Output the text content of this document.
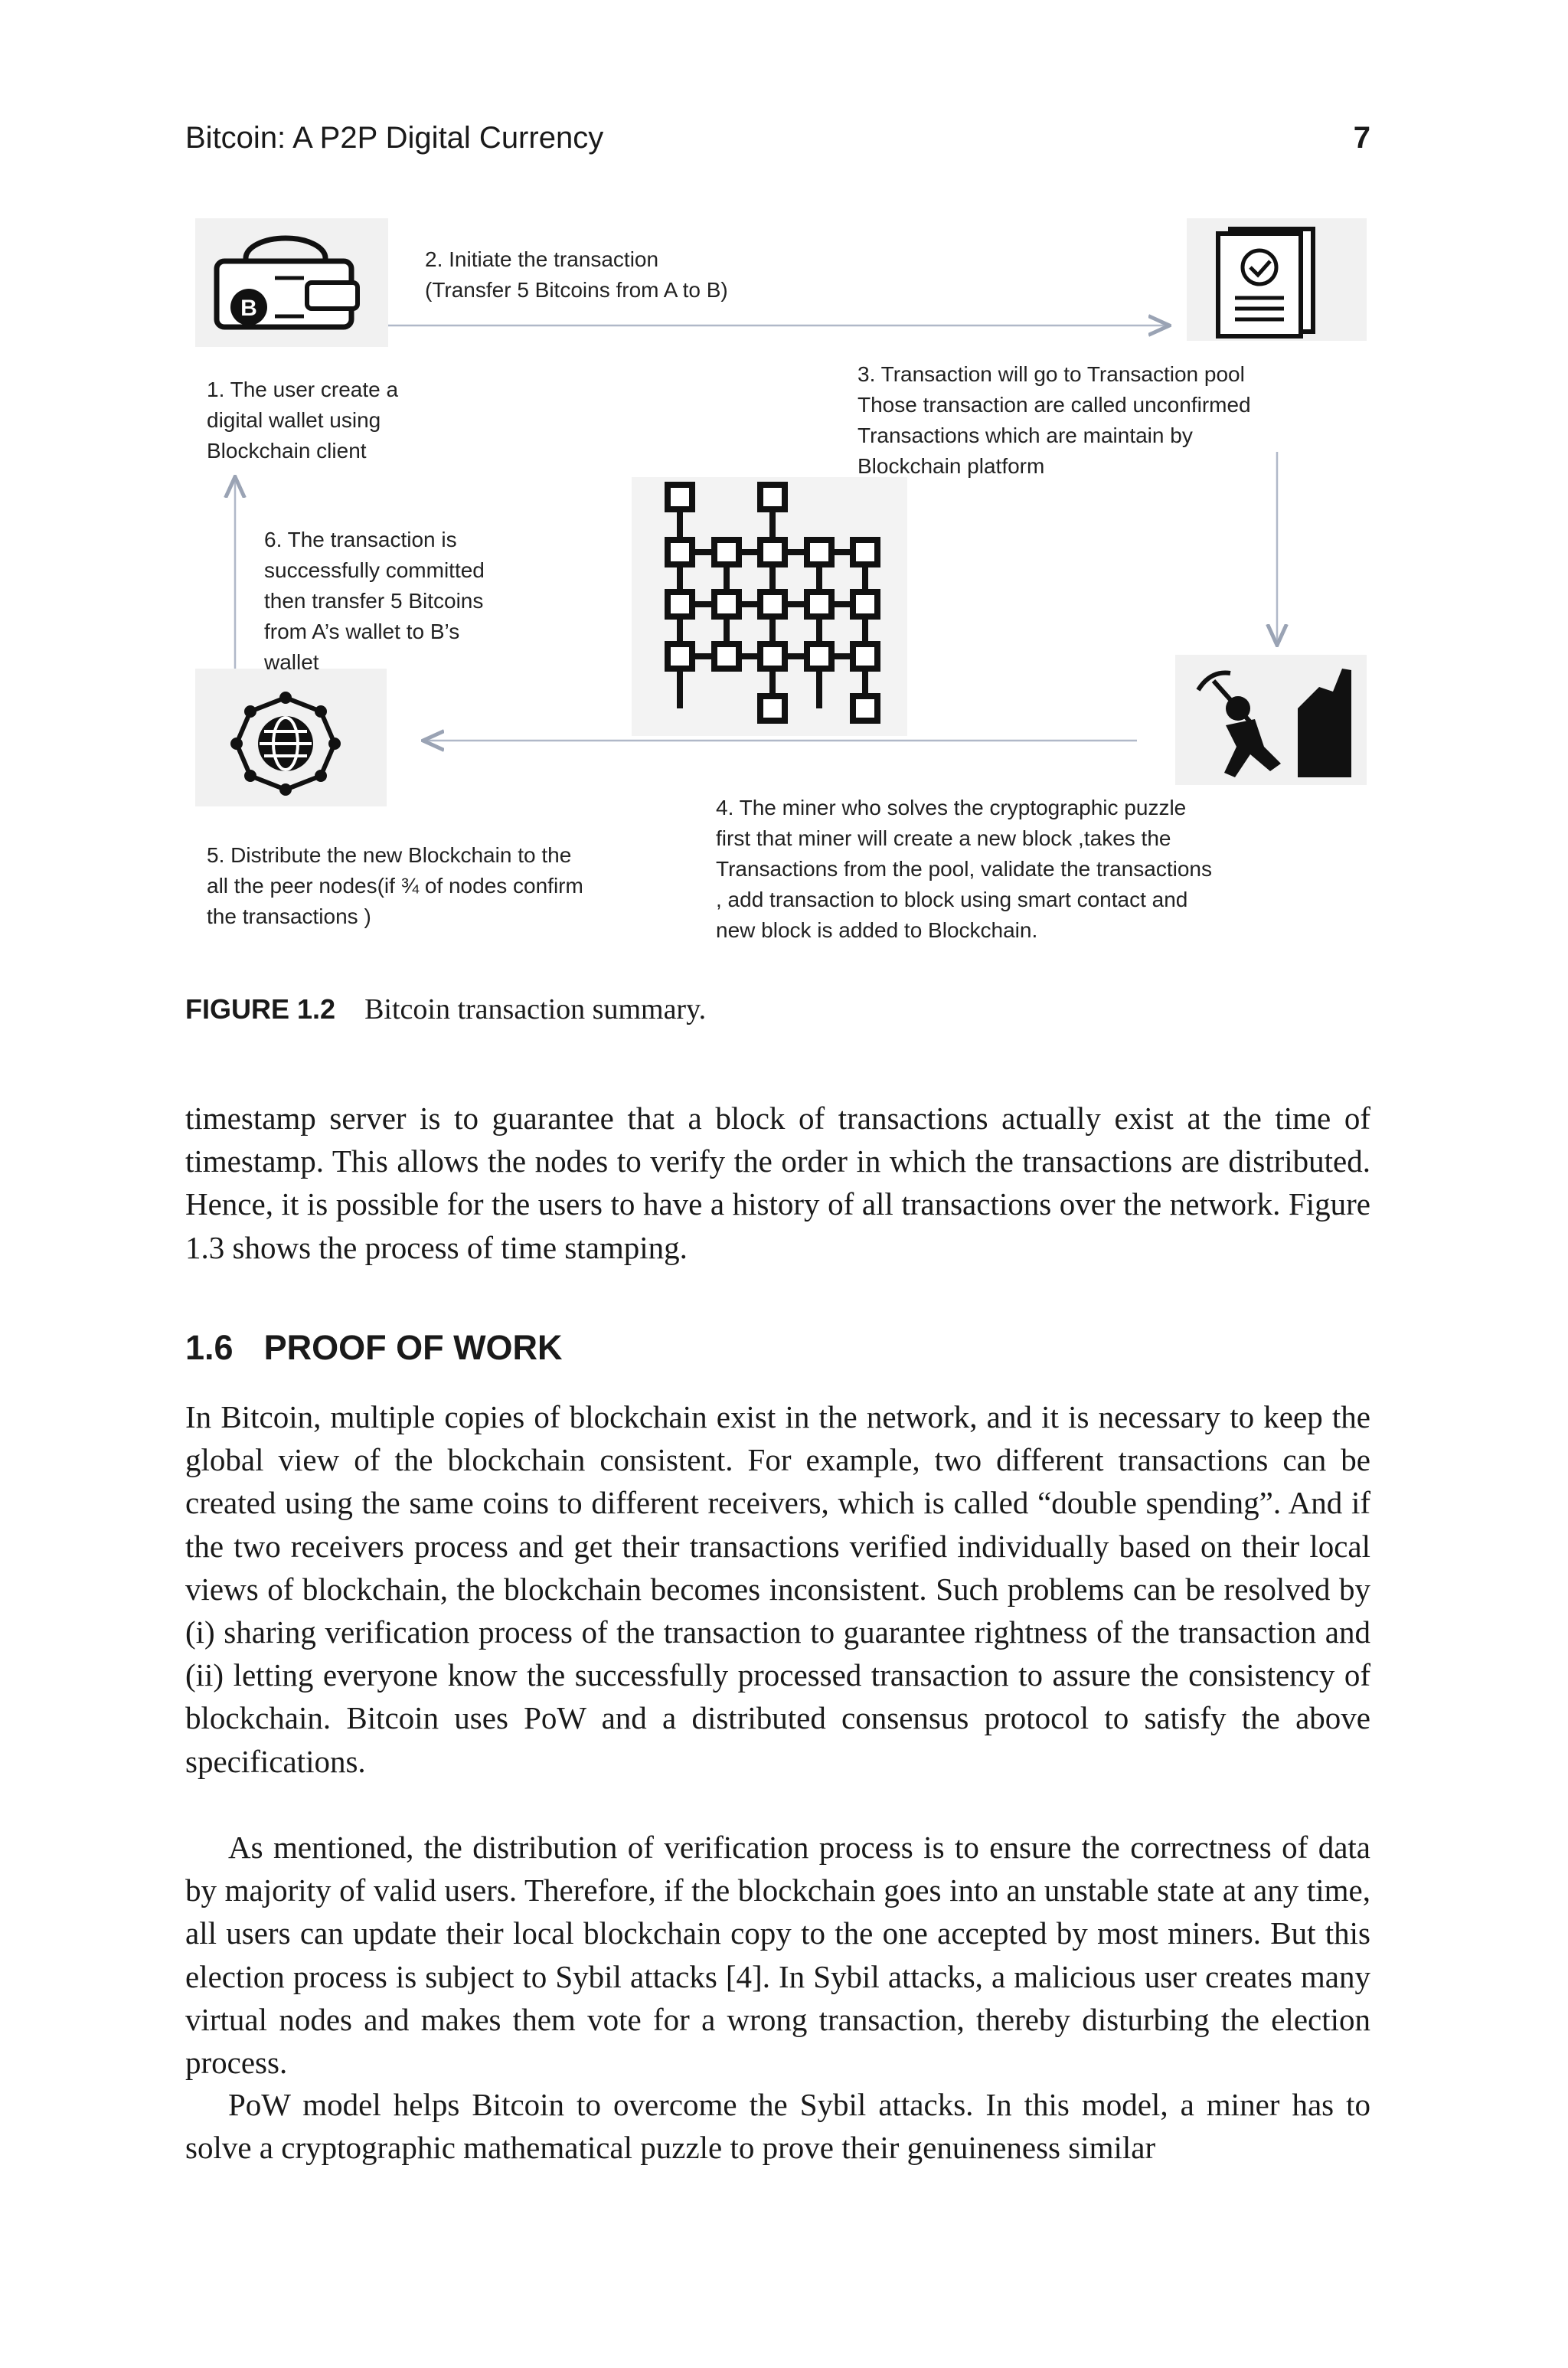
Bitcoin: A P2P Digital Currency	7
B
1. The user create a
digital wallet using
Blockchain client
2. Initiate the transaction
(Transfer 5 Bitcoins from A to B)
3. Transaction will go to Transaction pool
Those transaction are called unconfirmed
Transactions which are maintain by
Blockchain platform
4. The miner who solves the cryptographic puzzle
first that miner will create a new block ,takes the
Transactions from the pool, validate the transactions
, add transaction to block using smart contact and
new block is added to Blockchain.
5. Distribute the new Blockchain to the
all the peer nodes(if ¾ of nodes confirm
the transactions )
6. The transaction is
successfully committed
then transfer 5 Bitcoins
from A’s wallet to B’s
wallet
FIGURE 1.2 Bitcoin transaction summary.

timestamp server is to guarantee that a block of transactions actually exist at the time of timestamp. This allows the nodes to verify the order in which the transactions are distributed. Hence, it is possible for the users to have a history of all transactions over the network. Figure 1.3 shows the process of time stamping.

1.6 PROOF OF WORK

In Bitcoin, multiple copies of blockchain exist in the network, and it is necessary to keep the global view of the blockchain consistent. For example, two different transactions can be created using the same coins to different receivers, which is called “double spending”. And if the two receivers process and get their transactions verified individually based on their local views of blockchain, the blockchain becomes inconsistent. Such problems can be resolved by (i) sharing verification process of the transaction to guarantee rightness of the transaction and (ii) letting everyone know the successfully processed transaction to assure the consistency of blockchain. Bitcoin uses PoW and a distributed consensus protocol to satisfy the above specifications.

As mentioned, the distribution of verification process is to ensure the correctness of data by majority of valid users. Therefore, if the blockchain goes into an unstable state at any time, all users can update their local blockchain copy to the one accepted by most miners. But this election process is subject to Sybil attacks [4]. In Sybil attacks, a malicious user creates many virtual nodes and makes them vote for a wrong transaction, thereby disturbing the election process.

PoW model helps Bitcoin to overcome the Sybil attacks. In this model, a miner has to solve a cryptographic mathematical puzzle to prove their genuineness similar
